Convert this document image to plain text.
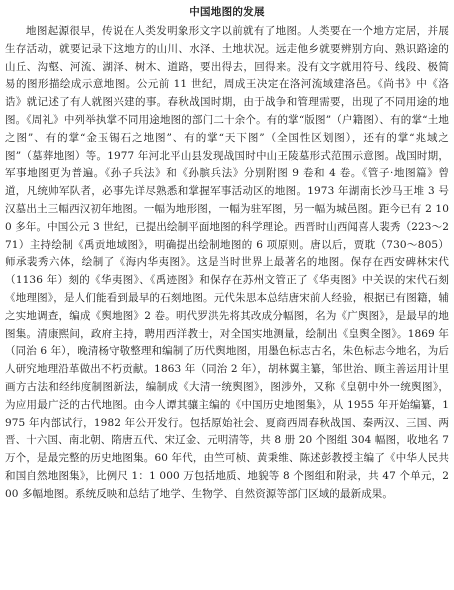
中国地图的发展

地图起源很早，传说在人类发明象形文字以前就有了地图。人类要在一个地方定居，并展生存活动，就要记录下这地方的山川、水泽、土地状况。远走他乡就要辨别方向、熟识路途的山丘、沟壑、河流、湖泽、树木、道路，要出得去，回得来。没有文字就用符号、线段、极简易的图形描绘成示意地图。公元前 11 世纪，周成王决定在洛河流域建洛邑。《尚书》中《洛诰》就记述了有人就图兴建的事。春秋战国时期，由于战争和管理需要，出现了不同用途的地图。《周礼》中列举执掌不同用途地图的部门二十余个。有的掌“版图”（户籍图）、有的掌“土地之图”、有的掌“金玉锡石之地图”、有的掌“天下图”（全国性区划图），还有的掌“兆域之图”（墓葬地图）等。1977 年河北平山县发现战国时中山王陵墓形式范围示意图。战国时期，军事地图更为普遍。《孙子兵法》和《孙膑兵法》分别附图 9 卷和 4 卷。《管子·地图篇》曾道，凡统帅军队者，必事先详尽熟悉和掌握军事活动区的地图。1973 年湖南长沙马王堆 3 号汉墓出土三幅西汉初年地图。一幅为地形图，一幅为驻军图，另一幅为城邑图。距今已有 2 100 多年。中国公元 3 世纪，已提出绘制平面地图的科学理论。西晋时山西闻喜人裴秀（223～271）主持绘制《禹贡地域图》，明确提出绘制地图的 6 项原则。唐以后，贾耽（730～805）师承裴秀六体，绘制了《海内华夷图》。这是当时世界上最著名的地图。保存在西安碑林宋代（1136 年）刻的《华夷图》、《禹迹图》和保存在苏州文管正了《华夷图》中关误的宋代石刻《地理图》，是人们能看到最早的石刻地图。元代朱思本总结唐宋前人经验，根据已有图籍，辅之实地调查，编成《舆地图》2 卷。明代罗洪先将其改成分幅图，名为《广舆图》，是最早的地图集。清康熙间，政府主持，聘用西洋教士，对全国实地测量，绘制出《皇舆全图》。1869 年（同治 6 年），晚清杨守敬整理和编制了历代舆地图，用墨色标志古名，朱色标志今地名，为后人研究地理沿革做出不朽贡献。1863 年（同治 2 年），胡林翼主纂，邹世治、顾主善运用计里画方古法和经纬度制图新法，编制成《大清一统舆图》，图涉外，又称《皇朝中外一统舆图》，为应用最广泛的古代地图。由今人谭其骧主编的《中国历史地图集》，从 1955 年开始编纂，1975 年内部试行，1982 年公开发行。包括原始社会、夏商西周春秋战国、秦两汉、三国、两晋、十六国、南北朝、隋唐五代、宋辽金、元明清等，共 8 册 20 个图组 304 幅图，收地名 7 万个，是最完整的历史地图集。60 年代，由竺可桢、黄秉维、陈述彭教授主编了《中华人民共和国自然地图集》，比例尺 1：1 000 万包括地质、地貌等 8 个图组和附录，共 47 个单元，200 多幅地图。系统反映和总结了地学、生物学、自然资源等部门区域的最新成果。
